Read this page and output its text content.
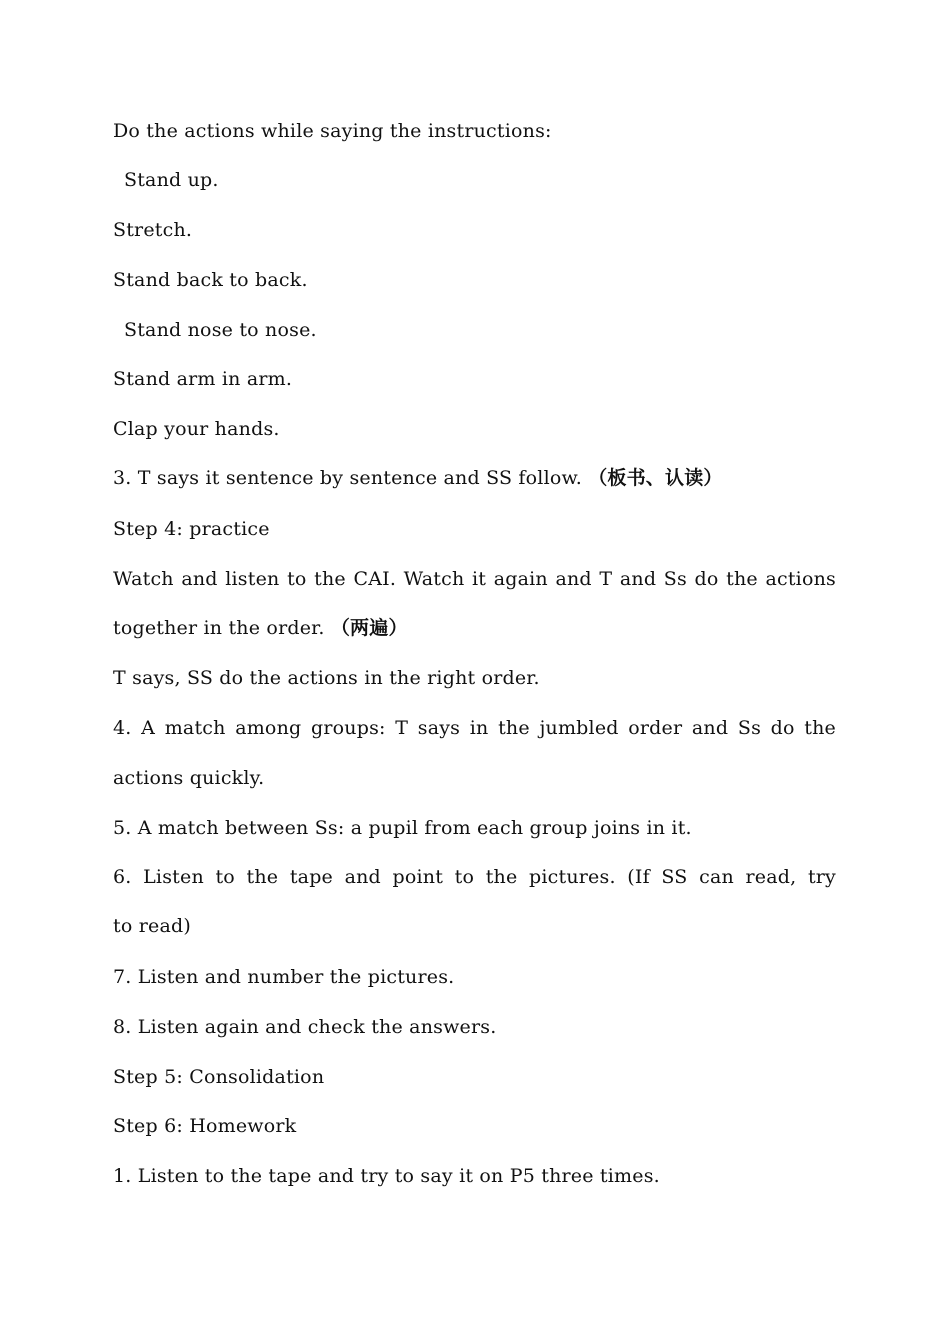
Do the actions while saying the instructions:
Stand up.
Stretch.
Stand back to back.
Stand nose to nose.
Stand arm in arm.
Clap your hands.
3. T says it sentence by sentence and SS follow. （板书、认读）
Step 4: practice
Watch and listen to the CAI. Watch it again and T and Ss do the actions
together in the order. （两遍）
T says, SS do the actions in the right order.
4. A match among groups: T says in the jumbled order and Ss do the
actions quickly.
5. A match between Ss: a pupil from each group joins in it.
6. Listen to the tape and point to the pictures. (If SS can read, try
to read)
7. Listen and number the pictures.
8. Listen again and check the answers.
Step 5: Consolidation
Step 6: Homework
1. Listen to the tape and try to say it on P5 three times.
